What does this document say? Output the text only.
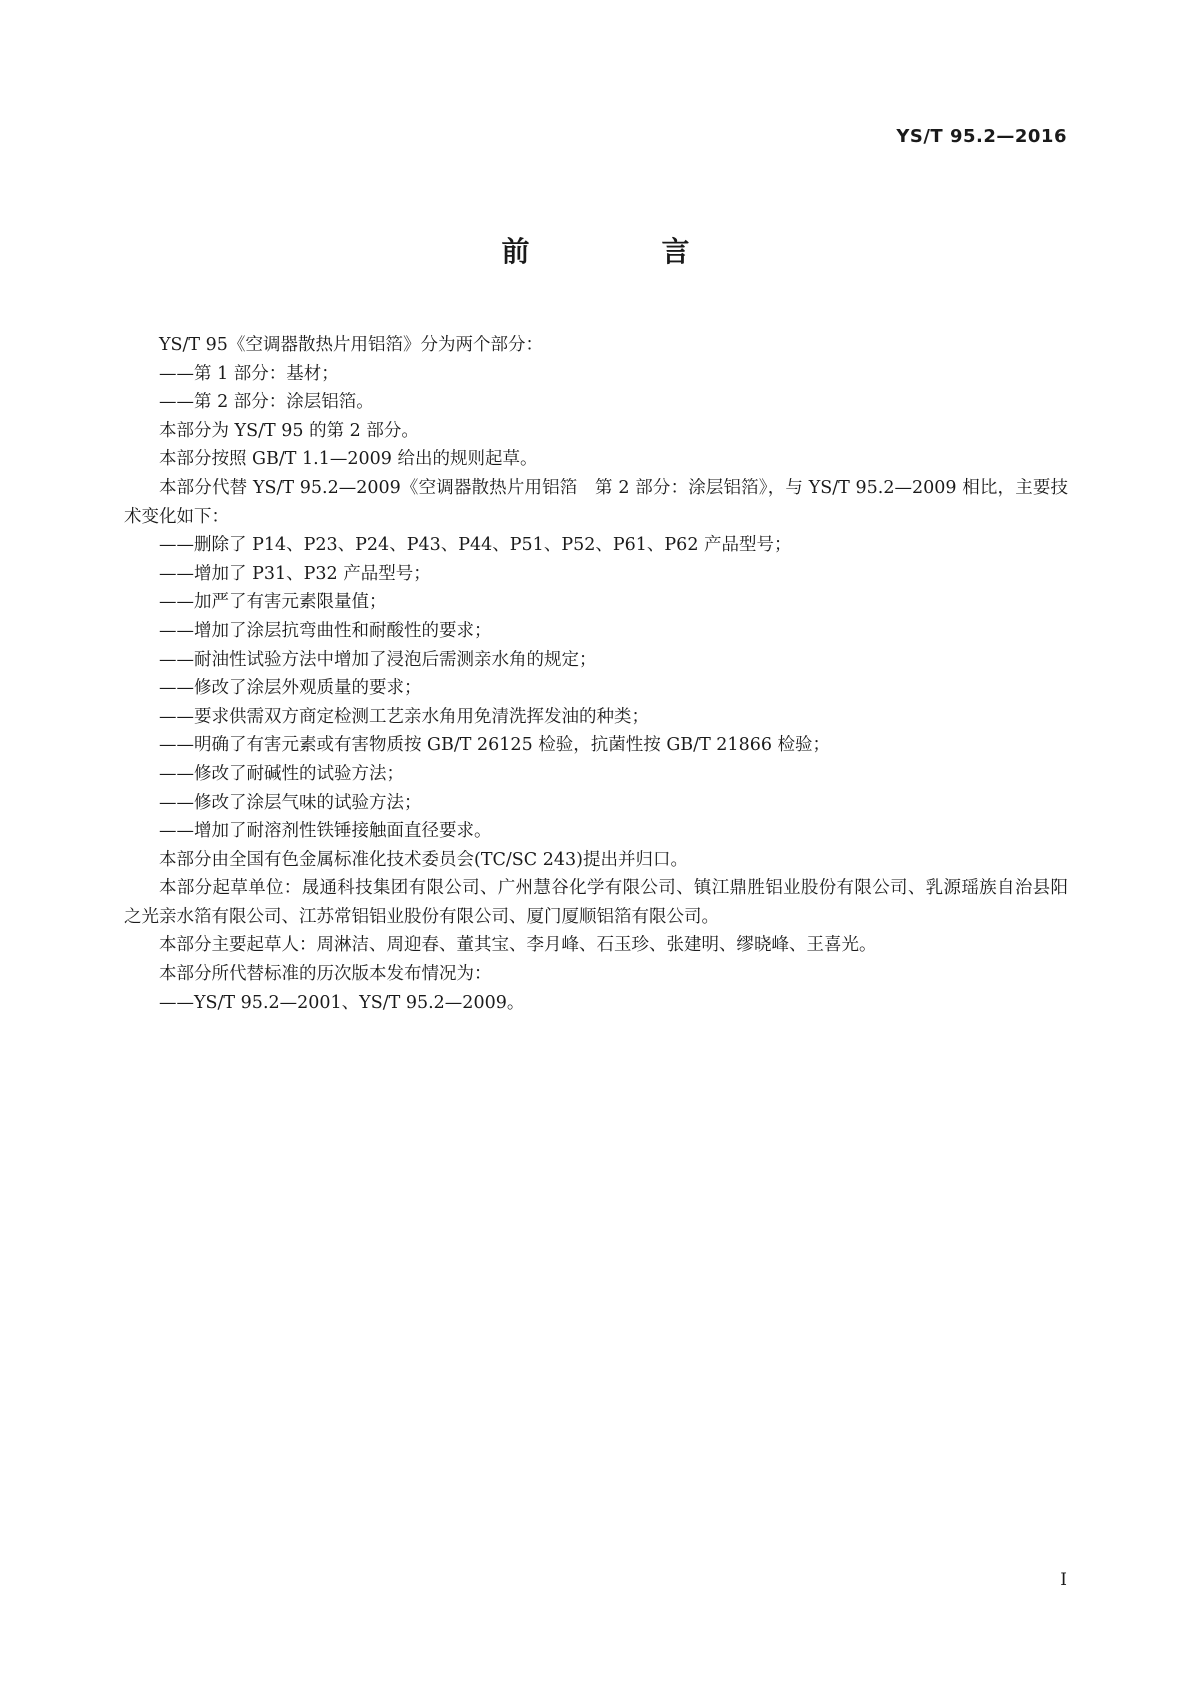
YS/T 95.2—2016
前　言

YS/T 95《空调器散热片用铝箔》分为两个部分：

——第 1 部分：基材；

——第 2 部分：涂层铝箔。

本部分为 YS/T 95 的第 2 部分。

本部分按照 GB/T 1.1—2009 给出的规则起草。

本部分代替 YS/T 95.2—2009《空调器散热片用铝箔　第 2 部分：涂层铝箔》，与 YS/T 95.2—2009 相比，主要技术变化如下：

——删除了 P14、P23、P24、P43、P44、P51、P52、P61、P62 产品型号；

——增加了 P31、P32 产品型号；

——加严了有害元素限量值；

——增加了涂层抗弯曲性和耐酸性的要求；

——耐油性试验方法中增加了浸泡后需测亲水角的规定；

——修改了涂层外观质量的要求；

——要求供需双方商定检测工艺亲水角用免清洗挥发油的种类；

——明确了有害元素或有害物质按 GB/T 26125 检验，抗菌性按 GB/T 21866 检验；

——修改了耐碱性的试验方法；

——修改了涂层气味的试验方法；

——增加了耐溶剂性铁锤接触面直径要求。

本部分由全国有色金属标准化技术委员会(TC/SC 243)提出并归口。

本部分起草单位：晟通科技集团有限公司、广州慧谷化学有限公司、镇江鼎胜铝业股份有限公司、乳源瑶族自治县阳之光亲水箔有限公司、江苏常铝铝业股份有限公司、厦门厦顺铝箔有限公司。

本部分主要起草人：周淋洁、周迎春、董其宝、李月峰、石玉珍、张建明、缪晓峰、王喜光。

本部分所代替标准的历次版本发布情况为：

——YS/T 95.2—2001、YS/T 95.2—2009。

I
